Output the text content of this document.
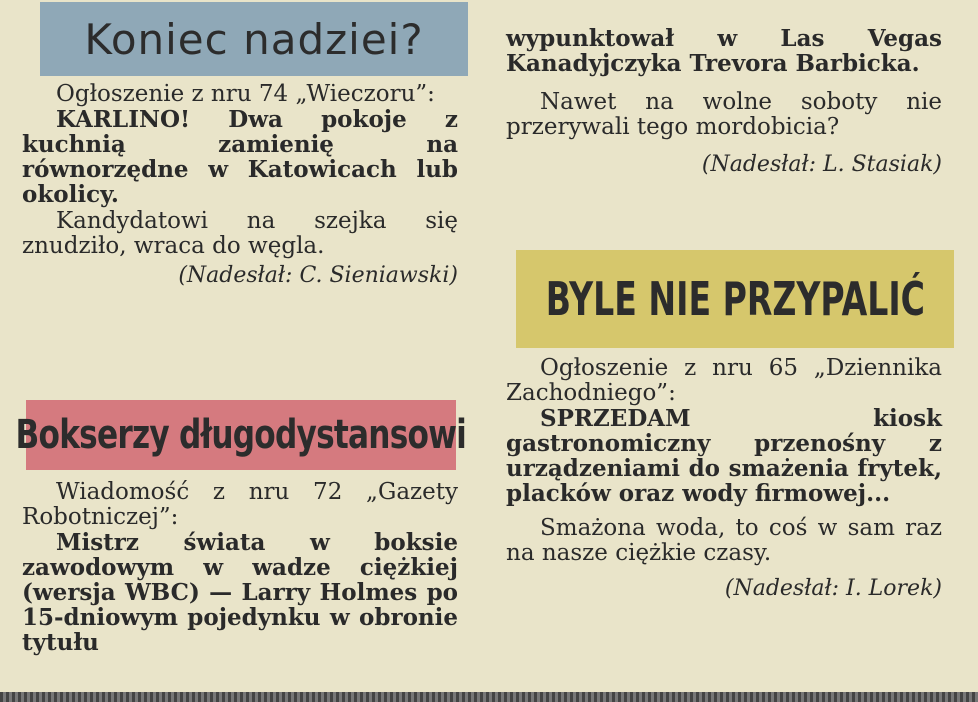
Koniec nadziei?
Bokserzy długodystansowi
BYLE NIE PRZYPALIĆ

Ogłoszenie z nru 74 „Wieczoru”:

KARLINO! Dwa pokoje z kuchnią zamienię na równorzędne w Katowicach lub okolicy.

Kandydatowi na szejka się znudziło, wraca do węgla.

(Nadesłał: C. Sieniawski)

Wiadomość z nru 72 „Gazety Robotniczej”:

Mistrz świata w boksie zawodowym w wadze ciężkiej (wersja WBC) — Larry Holmes po 15-dniowym pojedynku w obronie tytułu

wypunktował w Las Vegas Kanadyjczyka Trevora Barbicka.

Nawet na wolne soboty nie przerywali tego mordobicia?

(Nadesłał: L. Stasiak)

Ogłoszenie z nru 65 „Dziennika Zachodniego”:

SPRZEDAM kiosk gastronomiczny przenośny z urządzeniami do smażenia frytek, placków oraz wody firmowej...

Smażona woda, to coś w sam raz na nasze ciężkie czasy.

(Nadesłał: I. Lorek)
